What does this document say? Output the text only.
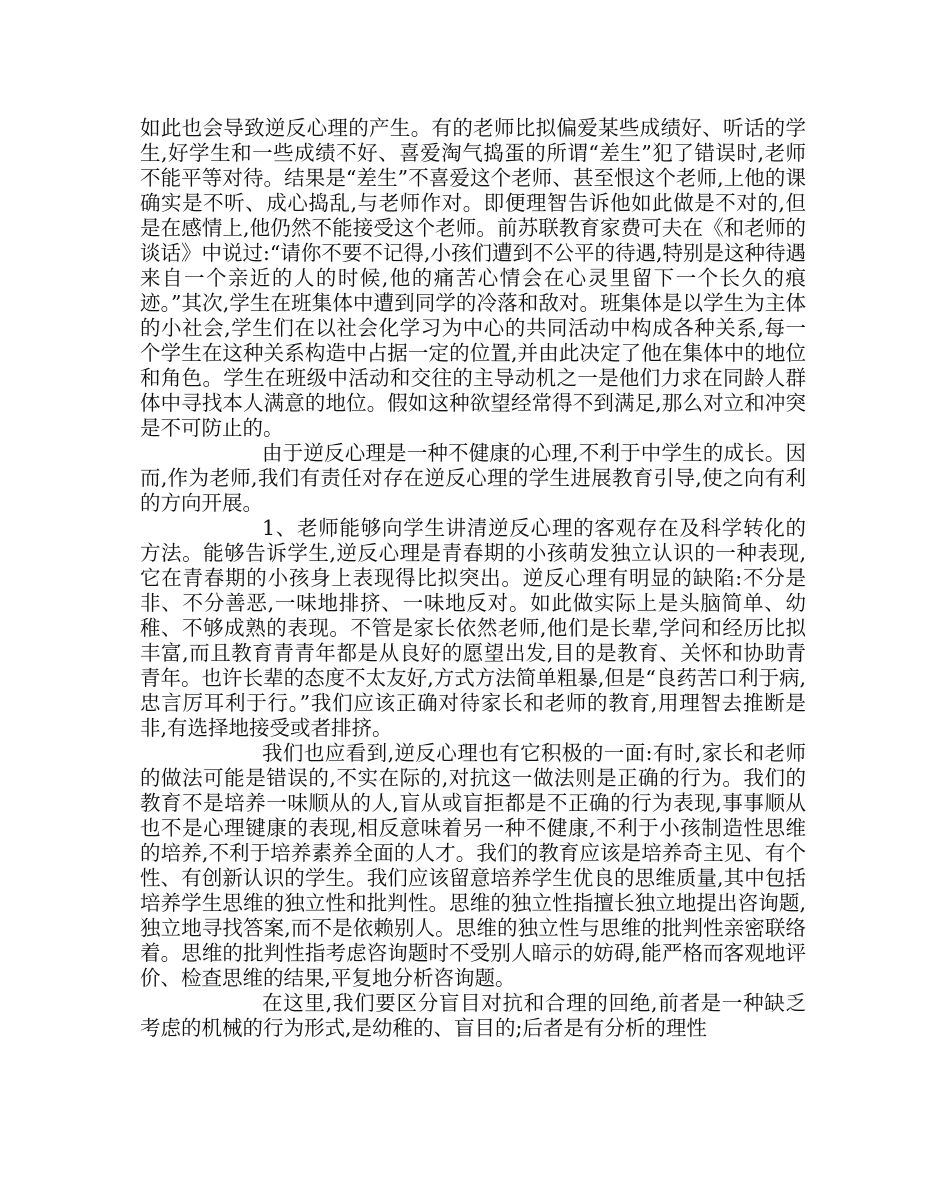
如此也会导致逆反心理的产生。有的老师比拟偏爱某些成绩好、听话的学生,好学生和一些成绩不好、喜爱淘气捣蛋的所谓“差生”犯了错误时,老师不能平等对待。结果是“差生”不喜爱这个老师、甚至恨这个老师,上他的课确实是不听、成心捣乱,与老师作对。即便理智告诉他如此做是不对的,但是在感情上,他仍然不能接受这个老师。前苏联教育家费可夫在《和老师的谈话》中说过:“请你不要不记得,小孩们遭到不公平的待遇,特别是这种待遇来自一个亲近的人的时候,他的痛苦心情会在心灵里留下一个长久的痕迹。”其次,学生在班集体中遭到同学的冷落和敌对。班集体是以学生为主体的小社会,学生们在以社会化学习为中心的共同活动中构成各种关系,每一个学生在这种关系构造中占据一定的位置,并由此决定了他在集体中的地位和角色。学生在班级中活动和交往的主导动机之一是他们力求在同龄人群体中寻找本人满意的地位。假如这种欲望经常得不到满足,那么对立和冲突是不可防止的。

由于逆反心理是一种不健康的心理,不利于中学生的成长。因而,作为老师,我们有责任对存在逆反心理的学生进展教育引导,使之向有利的方向开展。

1、老师能够向学生讲清逆反心理的客观存在及科学转化的方法。能够告诉学生,逆反心理是青春期的小孩萌发独立认识的一种表现,它在青春期的小孩身上表现得比拟突出。逆反心理有明显的缺陷:不分是非、不分善恶,一味地排挤、一味地反对。如此做实际上是头脑简单、幼稚、不够成熟的表现。不管是家长依然老师,他们是长辈,学问和经历比拟丰富,而且教育青青年都是从良好的愿望出发,目的是教育、关怀和协助青青年。也许长辈的态度不太友好,方式方法简单粗暴,但是“良药苦口利于病,忠言厉耳利于行。”我们应该正确对待家长和老师的教育,用理智去推断是非,有选择地接受或者排挤。

我们也应看到,逆反心理也有它积极的一面:有时,家长和老师的做法可能是错误的,不实在际的,对抗这一做法则是正确的行为。我们的教育不是培养一味顺从的人,盲从或盲拒都是不正确的行为表现,事事顺从也不是心理键康的表现,相反意味着另一种不健康,不利于小孩制造性思维的培养,不利于培养素养全面的人才。我们的教育应该是培养奇主见、有个性、有创新认识的学生。我们应该留意培养学生优良的思维质量,其中包括培养学生思维的独立性和批判性。思维的独立性指擅长独立地提出咨询题,独立地寻找答案,而不是依赖别人。思维的独立性与思维的批判性亲密联络着。思维的批判性指考虑咨询题时不受别人暗示的妨碍,能严格而客观地评价、检查思维的结果,平复地分析咨询题。

在这里,我们要区分盲目对抗和合理的回绝,前者是一种缺乏考虑的机械的行为形式,是幼稚的、盲目的;后者是有分析的理性
